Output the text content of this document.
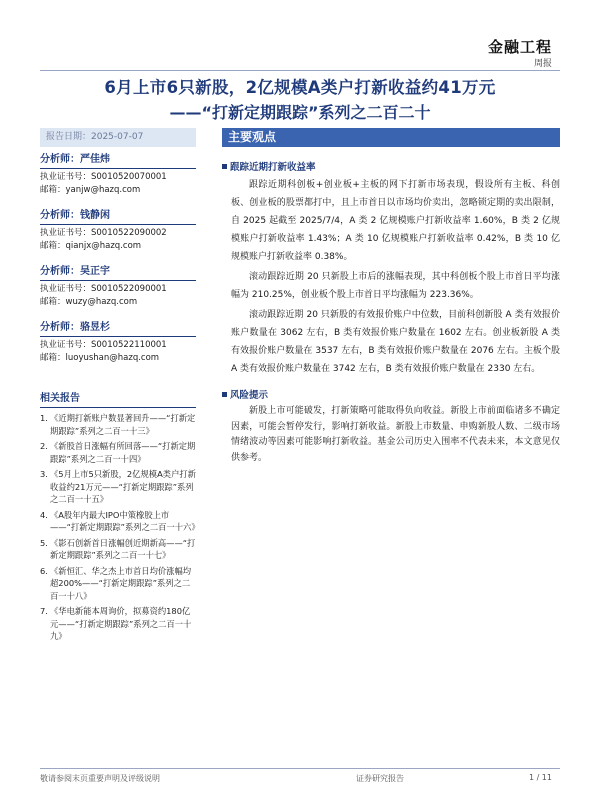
金融工程
周报
6月上市6只新股，2亿规模A类户打新收益约41万元
——“打新定期跟踪”系列之二百二十
报告日期：2025-07-07	主要观点
分析师：严佳炜
执业证书号：S0010520070001
邮箱：yanjw@hazq.com
分析师：钱静闲
执业证书号：S0010522090002
邮箱：qianjx@hazq.com
分析师：吴正宇
执业证书号：S0010522090001
邮箱：wuzy@hazq.com
分析师：骆昱杉
执业证书号：S0010522110001
邮箱：luoyushan@hazq.com
相关报告
1. 《近期打新账户数显著回升——“打新定期跟踪”系列之二百一十三》
2. 《新股首日涨幅有所回落——“打新定期跟踪”系列之二百一十四》
3. 《5月上市5只新股，2亿规模A类户打新收益约21万元——“打新定期跟踪”系列之二百一十五》
4. 《A股年内最大IPO中策橡胶上市——“打新定期跟踪”系列之二百一十六》
5. 《影石创新首日涨幅创近期新高——“打新定期跟踪”系列之二百一十七》
6. 《新恒汇、华之杰上市首日均价涨幅均超200%——“打新定期跟踪”系列之二百一十八》
7. 《华电新能本周询价，拟募资约180亿元——“打新定期跟踪”系列之二百一十九》
跟踪近期打新收益率

跟踪近期科创板+创业板+主板的网下打新市场表现，假设所有主板、科创板、创业板的股票都打中，且上市首日以市场均价卖出，忽略锁定期的卖出限制，自 2025 起截至 2025/7/4，A 类 2 亿规模账户打新收益率 1.60%，B 类 2 亿规模账户打新收益率 1.43%；A 类 10 亿规模账户打新收益率 0.42%，B 类 10 亿规模账户打新收益率 0.38%。

滚动跟踪近期 20 只新股上市后的涨幅表现，其中科创板个股上市首日平均涨幅为 210.25%，创业板个股上市首日平均涨幅为 223.36%。

滚动跟踪近期 20 只新股的有效报价账户中位数，目前科创新股 A 类有效报价账户数量在 3062 左右，B 类有效报价账户数量在 1602 左右。创业板新股 A 类有效报价账户数量在 3537 左右，B 类有效报价账户数量在 2076 左右。主板个股 A 类有效报价账户数量在 3742 左右，B 类有效报价账户数量在 2330 左右。

风险提示

新股上市可能破发，打新策略可能取得负向收益。新股上市前面临诸多不确定因素，可能会暂停发行，影响打新收益。新股上市数量、申购新股人数、二级市场情绪波动等因素可能影响打新收益。基金公司历史入围率不代表未来，本文意见仅供参考。

敬请参阅末页重要声明及评级说明	证券研究报告	1 / 11
